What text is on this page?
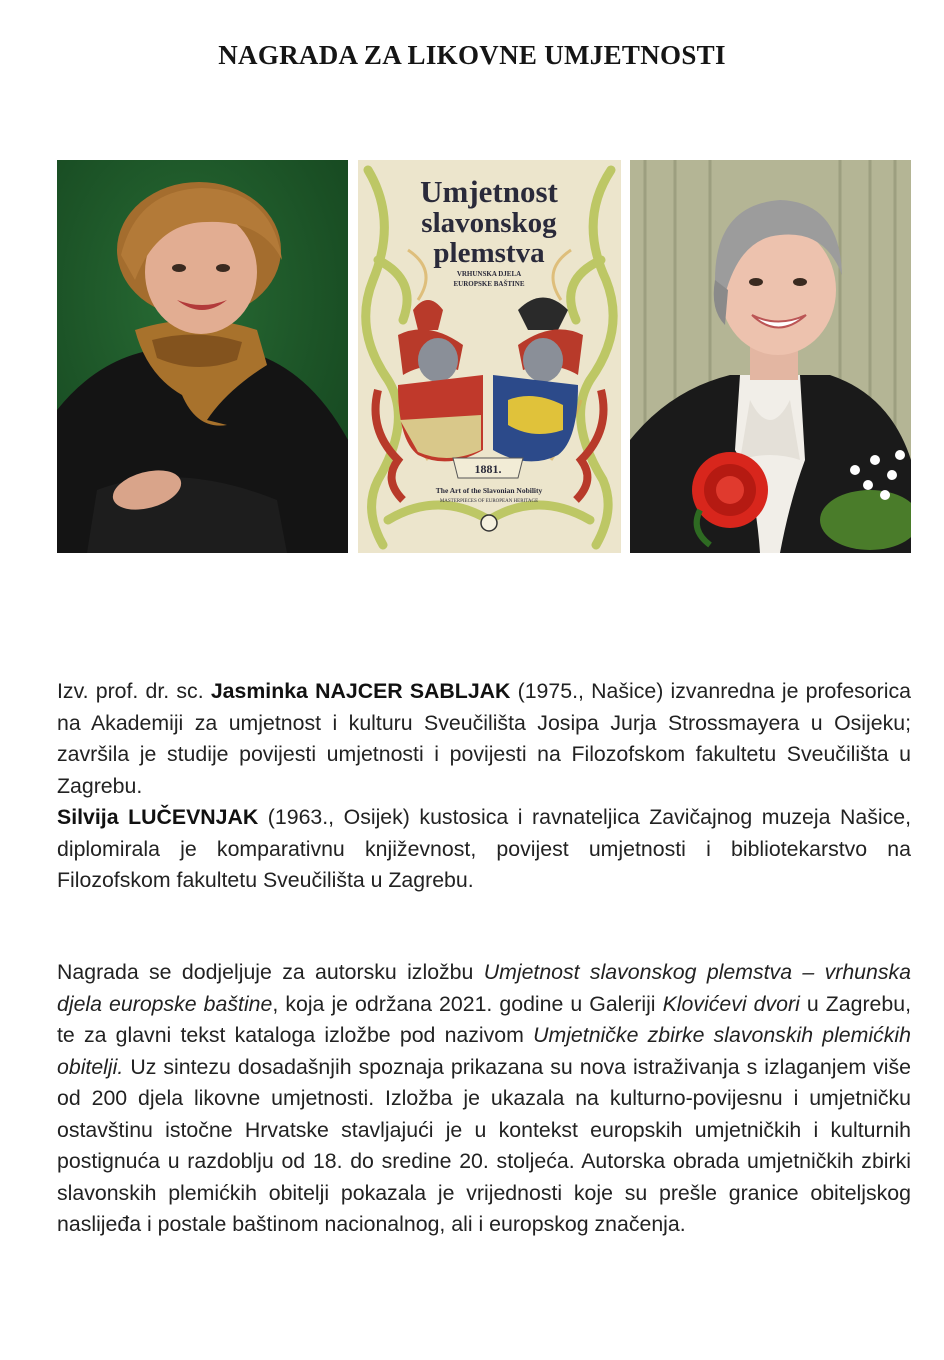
NAGRADA ZA LIKOVNE UMJETNOSTI
Umjetnost
slavonskog
plemstva
VRHUNSKA DJELA
EUROPSKE BAŠTINE
1881.
The Art of the Slavonian Nobility
MASTERPIECES OF EUROPEAN HERITAGE
Izv. prof. dr. sc. Jasminka NAJCER SABLJAK (1975., Našice) izvanredna je profesorica na Akademiji za umjetnost i kulturu Sveučilišta Josipa Jurja Strossmayera u Osijeku; završila je studije povijesti umjetnosti i povijesti na Filozofskom fakultetu Sveučilišta u Zagrebu.
Silvija LUČEVNJAK (1963., Osijek) kustosica i ravnateljica Zavičajnog muzeja Našice, diplomirala je komparativnu književnost, povijest umjetnosti i bibliotekarstvo na Filozofskom fakultetu Sveučilišta u Zagrebu.
Nagrada se dodjeljuje za autorsku izložbu Umjetnost slavonskog plemstva – vrhunska djela europske baštine, koja je održana 2021. godine u Galeriji Klovićevi dvori u Zagrebu, te za glavni tekst kataloga izložbe pod nazivom Umjetničke zbirke slavonskih plemićkih obitelji. Uz sintezu dosadašnjih spoznaja prikazana su nova istraživanja s izlaganjem više od 200 djela likovne umjetnosti. Izložba je ukazala na kulturno-povijesnu i umjetničku ostavštinu istočne Hrvatske stavljajući je u kontekst europskih umjetničkih i kulturnih postignuća u razdoblju od 18. do sredine 20. stoljeća. Autorska obrada umjetničkih zbirki slavonskih plemićkih obitelji pokazala je vrijednosti koje su prešle granice obiteljskog naslijeđa i postale baštinom nacionalnog, ali i europskog značenja.
